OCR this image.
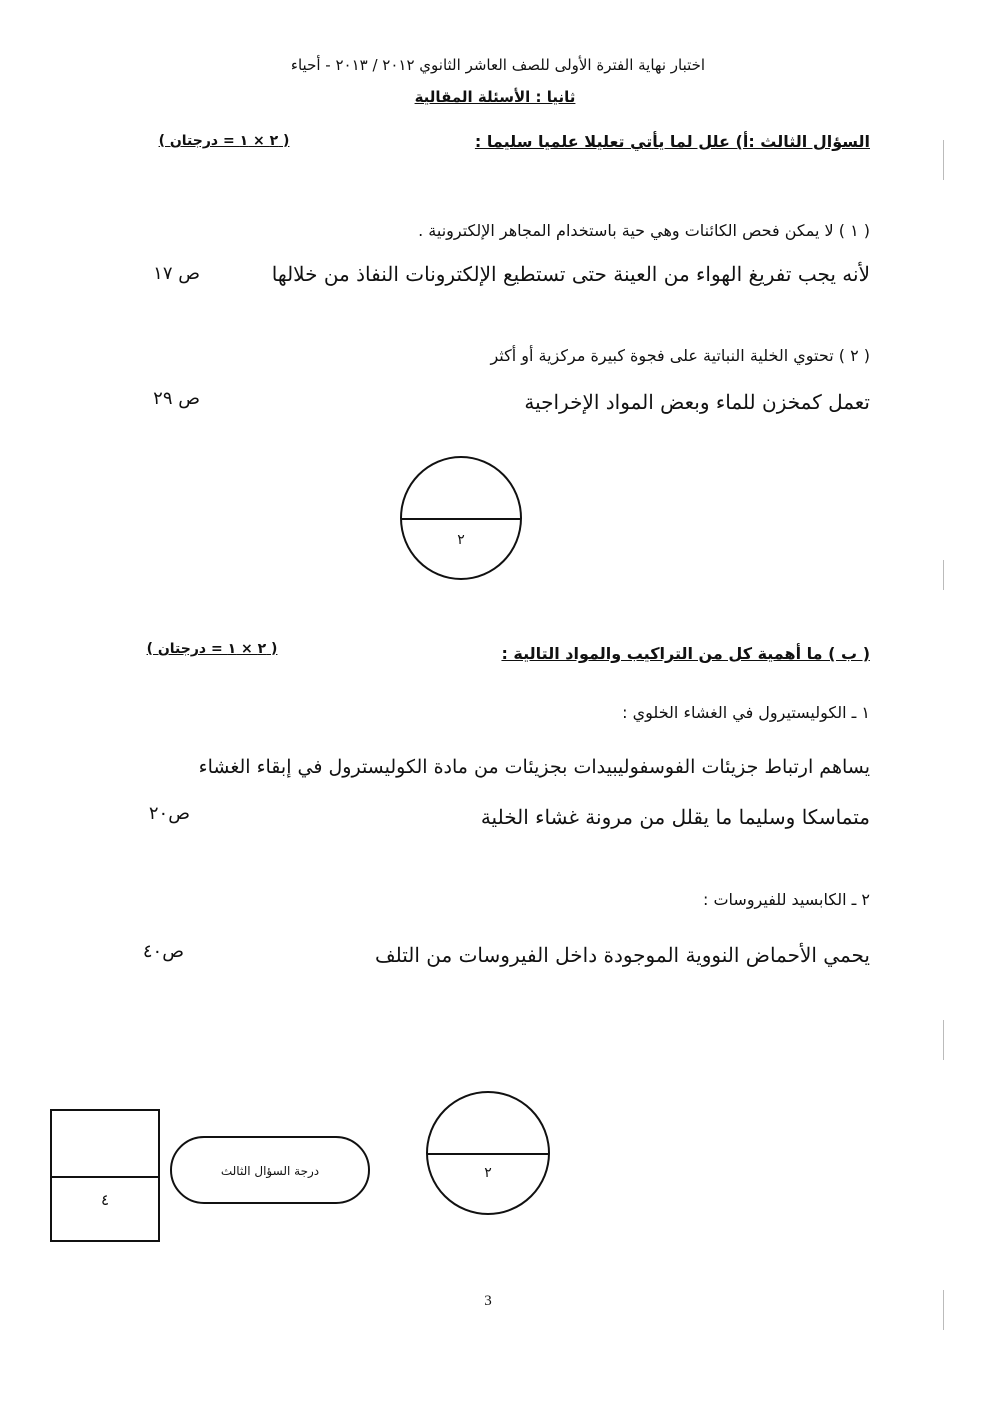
اختبار نهاية الفترة الأولى للصف العاشر الثانوي ٢٠١٢ / ٢٠١٣ - أحياء
ثانيا : الأسئلة المقالية
السؤال الثالث :أ) علل لما يأتي تعليلا علميا سليما :
( ٢ × ١ = درجتان )
( ١ ) لا يمكن فحص الكائنات وهي حية باستخدام المجاهر الإلكترونية .
لأنه يجب تفريغ الهواء من العينة حتى تستطيع الإلكترونات النفاذ من خلالها
ص ١٧
( ٢ ) تحتوي الخلية النباتية على فجوة كبيرة مركزية أو أكثر
تعمل كمخزن للماء وبعض المواد الإخراجية
ص ٢٩
٢
( ب ) ما أهمية كل من التراكيب والمواد التالية :
( ٢ × ١ = درجتان )
١ ـ الكوليستيرول في الغشاء الخلوي :
يساهم ارتباط جزيئات الفوسفوليبيدات بجزيئات من مادة الكوليسترول في إبقاء الغشاء
متماسكا وسليما ما يقلل من مرونة غشاء الخلية
ص٢٠
٢ ـ الكابسيد للفيروسات :
يحمي الأحماض النووية الموجودة داخل الفيروسات من التلف
ص٤٠
٤
درجة السؤال الثالث	٢
3
